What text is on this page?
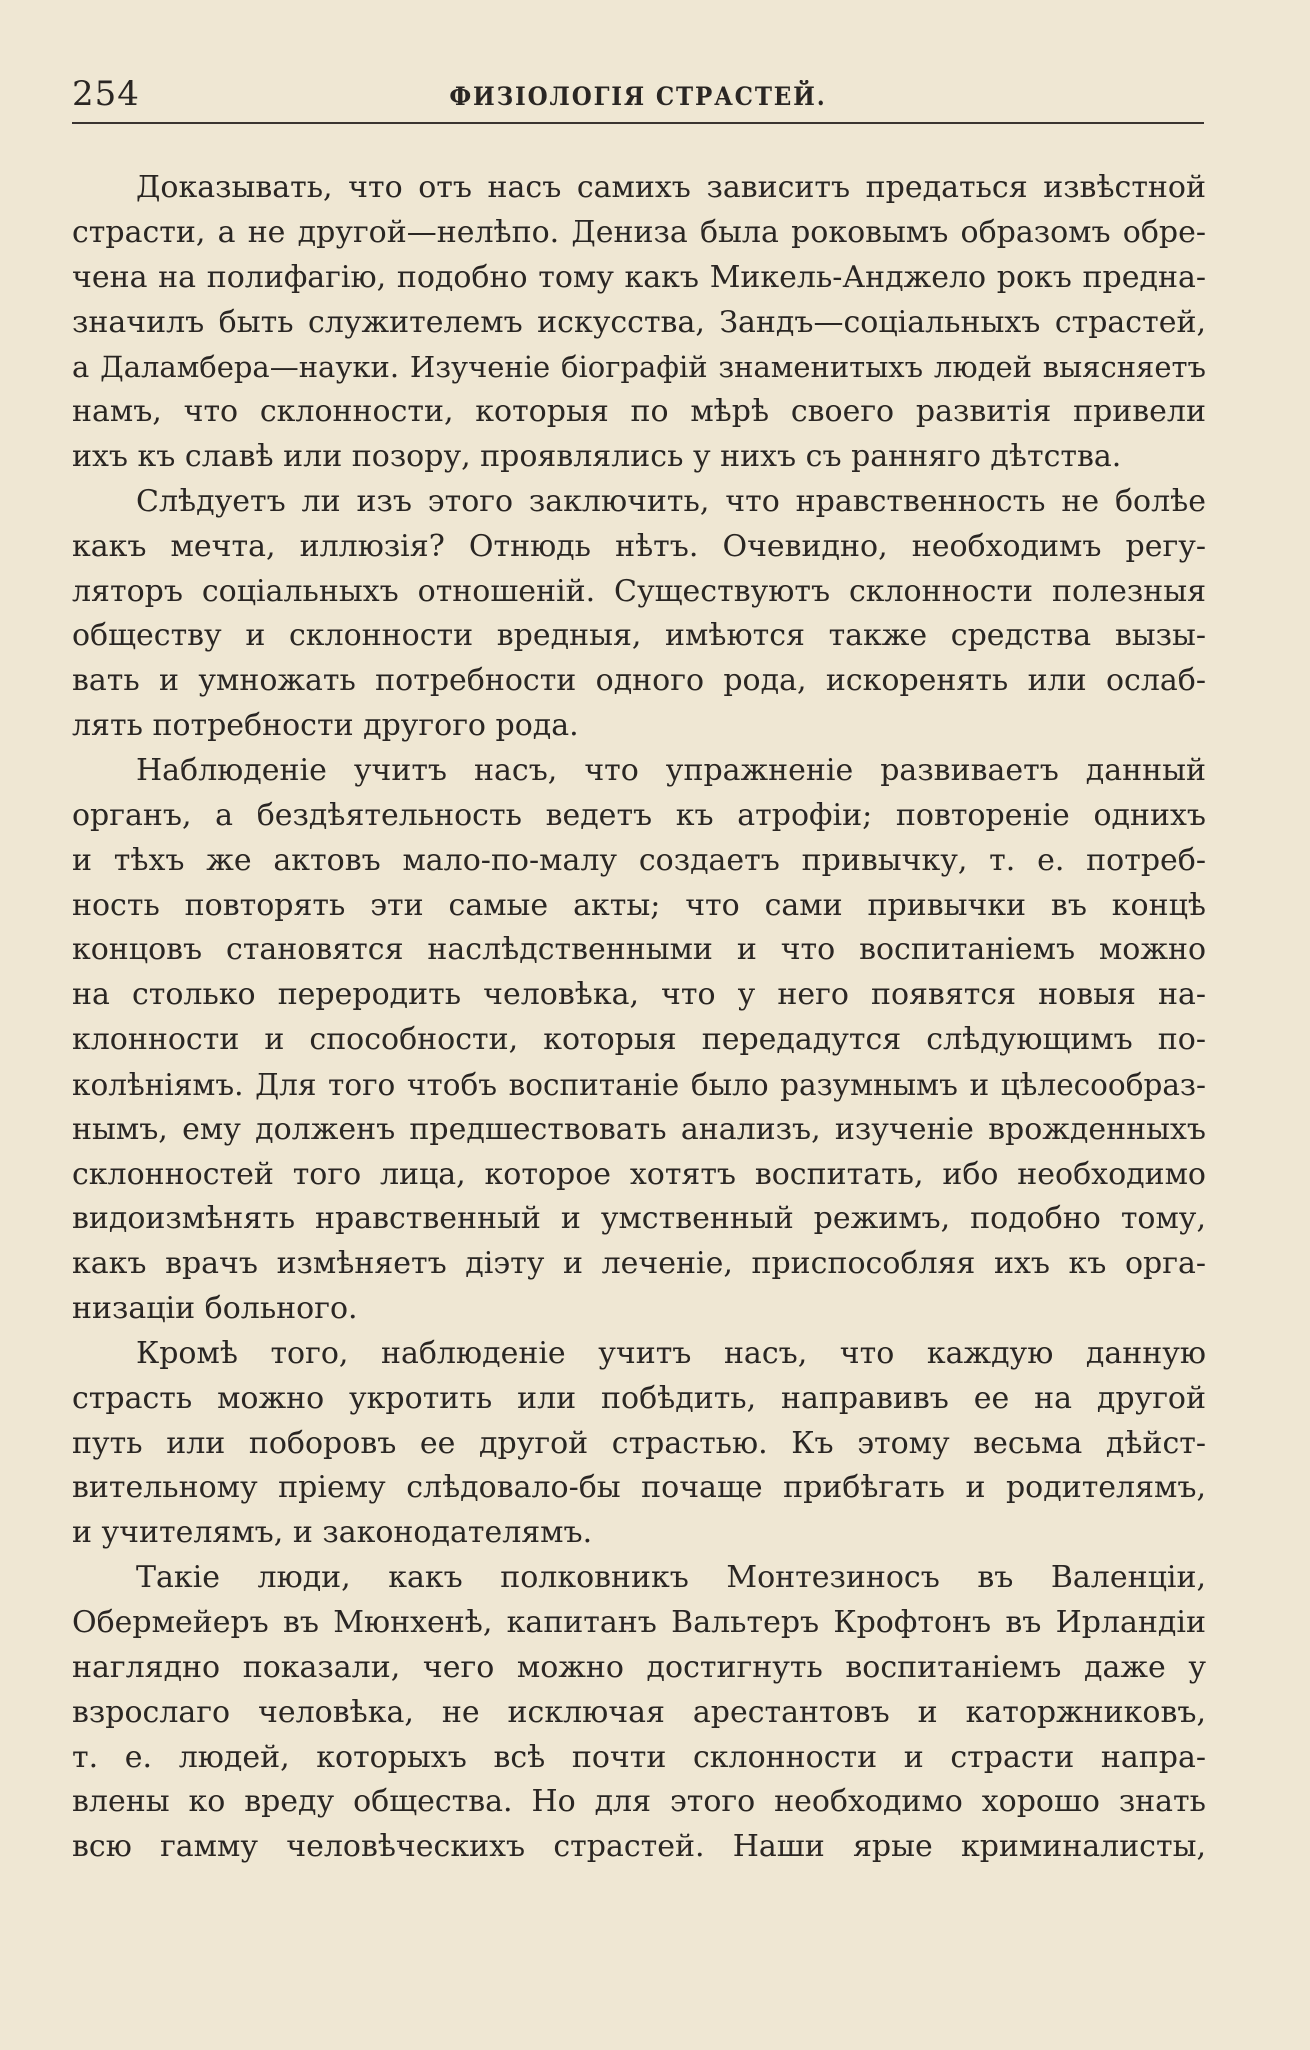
254	ФИЗІОЛОГІЯ СТРАСТЕЙ.
Доказывать, что отъ насъ самихъ зависитъ предаться извѣстной
страсти, а не другой—нелѣпо. Дениза была роковымъ образомъ обре-
чена на полифагію, подобно тому какъ Микель-Анджело рокъ предна-
значилъ быть служителемъ искусства, Зандъ—соціальныхъ страстей,
а Даламбера—науки. Изученіе біографій знаменитыхъ людей выясняетъ
намъ, что склонности, которыя по мѣрѣ своего развитія привели
ихъ къ славѣ или позору, проявлялись у нихъ съ ранняго дѣтства.
Слѣдуетъ ли изъ этого заключить, что нравственность не болѣе
какъ мечта, иллюзія? Отнюдь нѣтъ. Очевидно, необходимъ регу-
ляторъ соціальныхъ отношеній. Существуютъ склонности полезныя
обществу и склонности вредныя, имѣются также средства вызы-
вать и умножать потребности одного рода, искоренять или ослаб-
лять потребности другого рода.
Наблюденіе учитъ насъ, что упражненіе развиваетъ данный
органъ, а бездѣятельность ведетъ къ атрофіи; повтореніе однихъ
и тѣхъ же актовъ мало-по-малу создаетъ привычку, т. е. потреб-
ность повторять эти самые акты; что сами привычки въ концѣ
концовъ становятся наслѣдственными и что воспитаніемъ можно
на столько переродить человѣка, что у него появятся новыя на-
клонности и способности, которыя передадутся слѣдующимъ по-
колѣніямъ. Для того чтобъ воспитаніе было разумнымъ и цѣлесообраз-
нымъ, ему долженъ предшествовать анализъ, изученіе врожденныхъ
склонностей того лица, которое хотятъ воспитать, ибо необходимо
видоизмѣнять нравственный и умственный режимъ, подобно тому,
какъ врачъ измѣняетъ діэту и леченіе, приспособляя ихъ къ орга-
низаціи больного.
Кромѣ того, наблюденіе учитъ насъ, что каждую данную
страсть можно укротить или побѣдить, направивъ ее на другой
путь или поборовъ ее другой страстью. Къ этому весьма дѣйст-
вительному пріему слѣдовало-бы почаще прибѣгать и родителямъ,
и учителямъ, и законодателямъ.
Такіе люди, какъ полковникъ Монтезиносъ въ Валенціи,
Обермейеръ въ Мюнхенѣ, капитанъ Вальтеръ Крофтонъ въ Ирландіи
наглядно показали, чего можно достигнуть воспитаніемъ даже у
взрослаго человѣка, не исключая арестантовъ и каторжниковъ,
т. е. людей, которыхъ всѣ почти склонности и страсти напра-
влены ко вреду общества. Но для этого необходимо хорошо знать
всю гамму человѣческихъ страстей. Наши ярые криминалисты,
